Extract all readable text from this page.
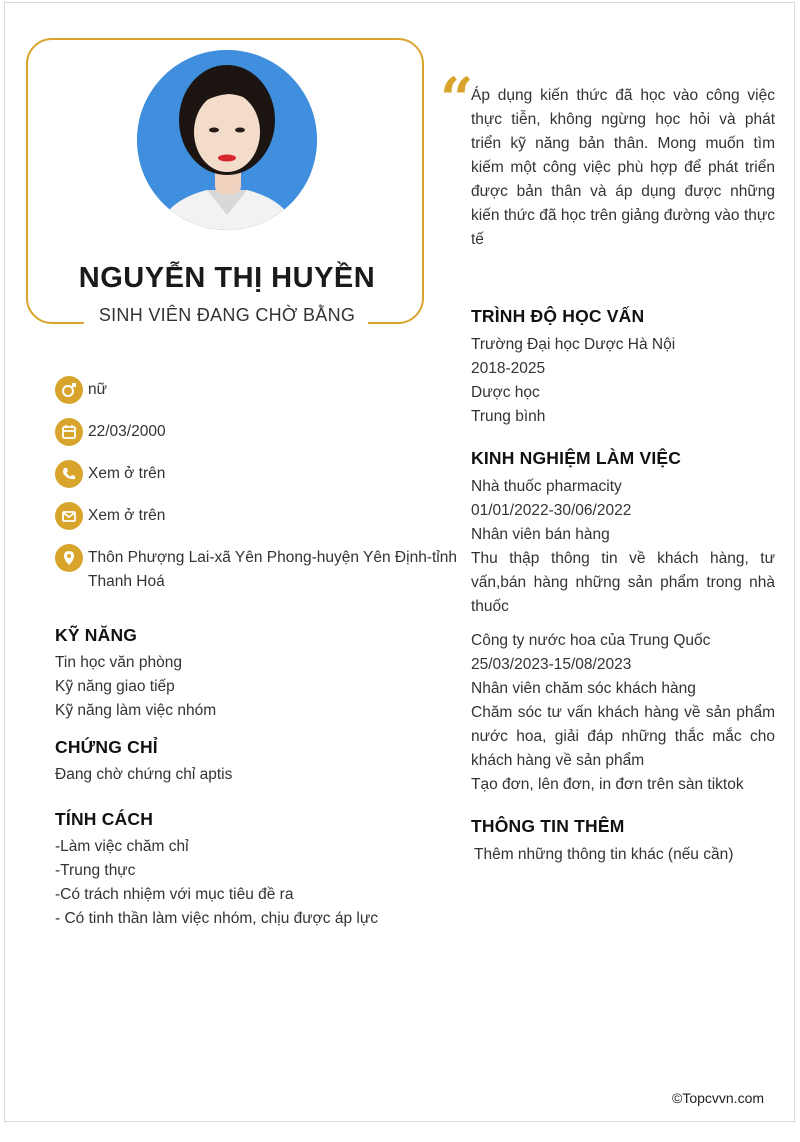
NGUYỄN THỊ HUYỀN
SINH VIÊN ĐANG CHỜ BẰNG
“
Áp dụng kiến thức đã học vào công việc thực tiễn, không ngừng học hỏi và phát triển kỹ năng bản thân. Mong muốn tìm kiếm một công việc phù hợp để phát triển được bản thân và áp dụng được những kiến thức đã học trên giảng đường vào thực tế
nữ
22/03/2000
Xem ở trên
Xem ở trên
Thôn Phượng Lai-xã Yên Phong-huyện Yên Định-tỉnh Thanh Hoá
KỸ NĂNG
Tin học văn phòng
Kỹ năng giao tiếp
Kỹ năng làm việc nhóm
CHỨNG CHỈ
Đang chờ chứng chỉ aptis
TÍNH CÁCH
-Làm việc chăm chỉ
-Trung thực
-Có trách nhiệm với mục tiêu đề ra
- Có tinh thần làm việc nhóm, chịu được áp lực
TRÌNH ĐỘ HỌC VẤN
Trường Đại học Dược Hà Nội
2018-2025
Dược học
Trung bình
KINH NGHIỆM LÀM VIỆC
Nhà thuốc pharmacity
01/01/2022-30/06/2022
Nhân viên bán hàng
Thu thập thông tin về khách hàng, tư vấn,bán hàng những sản phẩm trong nhà thuốc
Công ty nước hoa của Trung Quốc
25/03/2023-15/08/2023
Nhân viên chăm sóc khách hàng
Chăm sóc tư vấn khách hàng về sản phẩm nước hoa, giải đáp những thắc mắc cho khách hàng về sản phẩm
Tạo đơn, lên đơn, in đơn trên sàn tiktok
THÔNG TIN THÊM
Thêm những thông tin khác (nếu cần)
©Topcvvn.com
